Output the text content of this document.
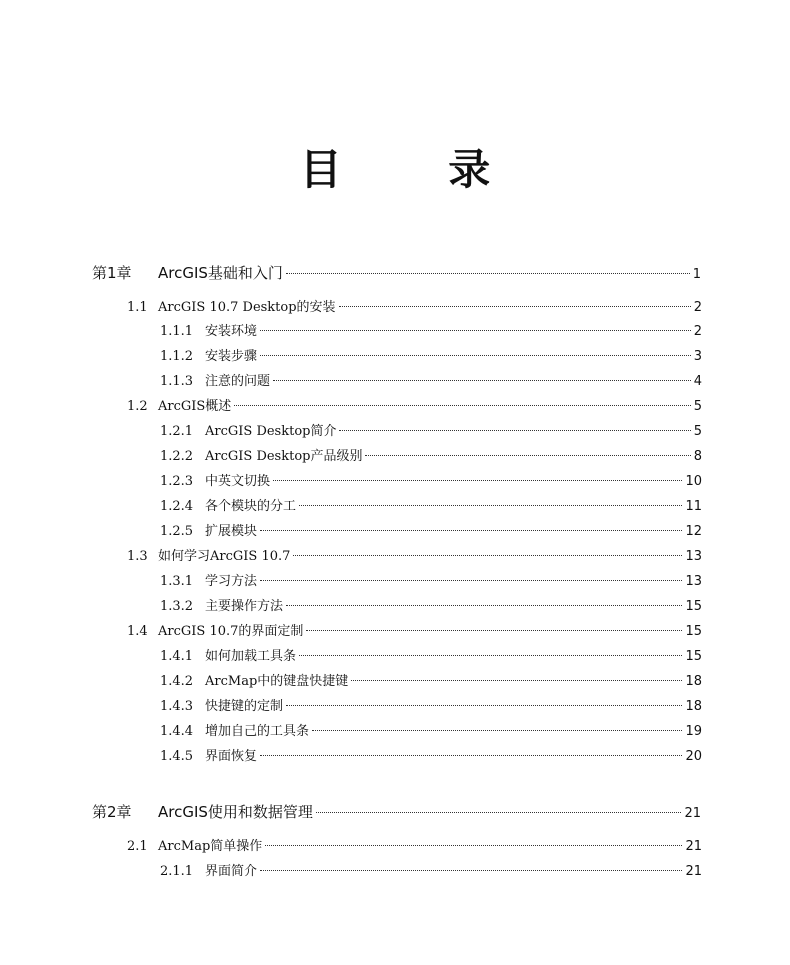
目 录
第1章	ArcGIS基础和入门	1
1.1 ArcGIS 10.7 Desktop的安装	2
1.1.1 安装环境	2
1.1.2 安装步骤	3
1.1.3 注意的问题	4
1.2 ArcGIS概述	5
1.2.1 ArcGIS Desktop简介	5
1.2.2 ArcGIS Desktop产品级别	8
1.2.3 中英文切换	10
1.2.4 各个模块的分工	11
1.2.5 扩展模块	12
1.3 如何学习ArcGIS 10.7	13
1.3.1 学习方法	13
1.3.2 主要操作方法	15
1.4 ArcGIS 10.7的界面定制	15
1.4.1 如何加载工具条	15
1.4.2 ArcMap中的键盘快捷键	18
1.4.3 快捷键的定制	18
1.4.4 增加自己的工具条	19
1.4.5 界面恢复	20
第2章	ArcGIS使用和数据管理	21
2.1 ArcMap简单操作	21
2.1.1 界面简介	21
